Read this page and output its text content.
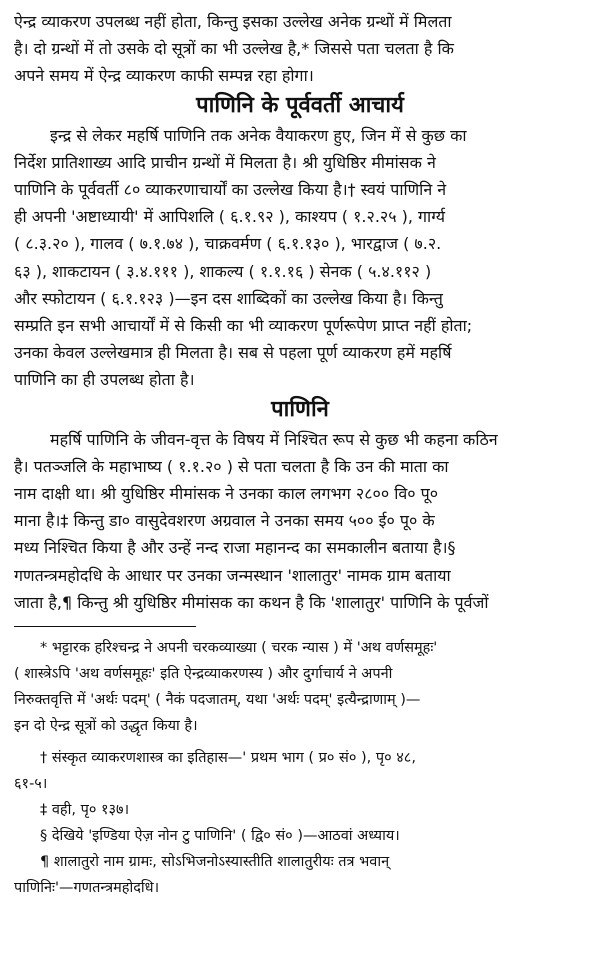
ऐन्द्र व्याकरण उपलब्ध नहीं होता, किन्तु इसका उल्लेख अनेक ग्रन्थों में मिलता
है। दो ग्रन्थों में तो उसके दो सूत्रों का भी उल्लेख है,* जिससे पता चलता है कि
अपने समय में ऐन्द्र व्याकरण काफी सम्पन्न रहा होगा।
पाणिनि के पूर्ववर्ती आचार्य
इन्द्र से लेकर महर्षि पाणिनि तक अनेक वैयाकरण हुए, जिन में से कुछ का
निर्देश प्रातिशाख्य आदि प्राचीन ग्रन्थों में मिलता है। श्री युधिष्ठिर मीमांसक ने
पाणिनि के पूर्ववर्ती ८० व्याकरणाचार्यों का उल्लेख किया है।† स्वयं पाणिनि ने
ही अपनी 'अष्टाध्यायी' में आपिशलि ( ६.१.९२ ), काश्यप ( १.२.२५ ), गार्ग्य
( ८.३.२० ), गालव ( ७.१.७४ ), चाक्रवर्मण ( ६.१.१३० ), भारद्वाज ( ७.२.
६३ ), शाकटायन ( ३.४.१११ ), शाकल्य ( १.१.१६ ) सेनक ( ५.४.११२ )
और स्फोटायन ( ६.१.१२३ )—इन दस शाब्दिकों का उल्लेख किया है। किन्तु
सम्प्रति इन सभी आचार्यों में से किसी का भी व्याकरण पूर्णरूपेण प्राप्त नहीं होता;
उनका केवल उल्लेखमात्र ही मिलता है। सब से पहला पूर्ण व्याकरण हमें महर्षि
पाणिनि का ही उपलब्ध होता है।
पाणिनि
महर्षि पाणिनि के जीवन-वृत्त के विषय में निश्चित रूप से कुछ भी कहना कठिन
है। पतञ्जलि के महाभाष्य ( १.१.२० ) से पता चलता है कि उन की माता का
नाम दाक्षी था। श्री युधिष्ठिर मीमांसक ने उनका काल लगभग २८०० वि० पू०
माना है।‡ किन्तु डा० वासुदेवशरण अग्रवाल ने उनका समय ५०० ई० पू० के
मध्य निश्चित किया है और उन्हें नन्द राजा महानन्द का समकालीन बताया है।§
गणतन्त्रमहोदधि के आधार पर उनका जन्मस्थान 'शालातुर' नामक ग्राम बताया
जाता है,¶ किन्तु श्री युधिष्ठिर मीमांसक का कथन है कि 'शालातुर' पाणिनि के पूर्वजों
* भट्टारक हरिश्चन्द्र ने अपनी चरकव्याख्या ( चरक न्यास ) में 'अथ वर्णसमूहः'
( शास्त्रेऽपि 'अथ वर्णसमूहः' इति ऐन्द्रव्याकरणस्य ) और दुर्गाचार्य ने अपनी
निरुक्तवृत्ति में 'अर्थः पदम्' ( नैकं पदजातम्, यथा 'अर्थः पदम्' इत्यैन्द्राणाम् )—
इन दो ऐन्द्र सूत्रों को उद्धृत किया है।
† संस्कृत व्याकरणशास्त्र का इतिहास—' प्रथम भाग ( प्र० सं० ), पृ० ४८,
६१-५।
‡ वही, पृ० १३७।
§ देखिये 'इण्डिया ऐज़ नोन टु पाणिनि' ( द्वि० सं० )—आठवां अध्याय।
¶ शालातुरो नाम ग्रामः, सोऽभिजनोऽस्यास्तीति शालातुरीयः तत्र भवान्
पाणिनिः'—गणतन्त्रमहोदधि।
